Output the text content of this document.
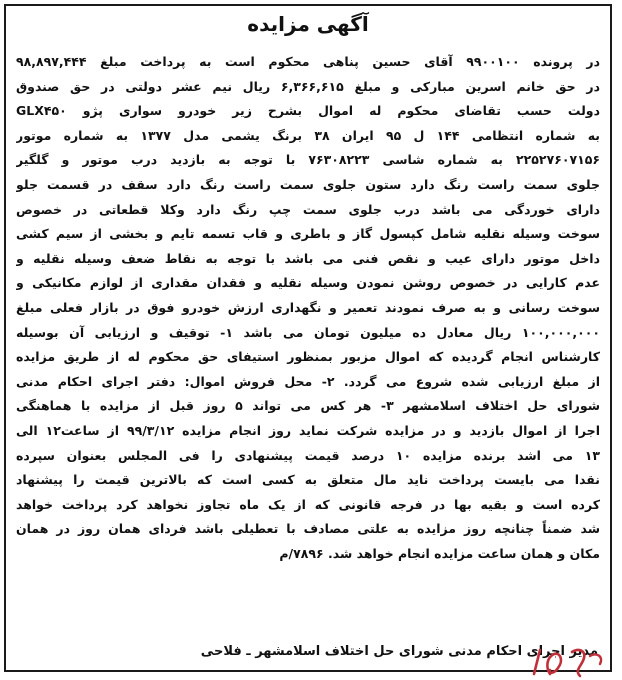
آگهی مزایده
در پرونده ۹۹۰۰۱۰۰ آقای حسین پناهی محکوم است به پرداخت مبلغ ۹۸,۸۹۷,۴۴۴
در حق خانم اسرین مبارکی و مبلغ ۶,۳۶۶,۶۱۵ ریال نیم عشر دولتی در حق صندوق
دولت حسب تقاضای محکوم له اموال بشرح زیر خودرو سواری پژو GLX۴۵۰
به شماره انتظامی ۱۴۴ ل ۹۵ ایران ۳۸ برنگ یشمی مدل ۱۳۷۷ به شماره موتور
۲۲۵۲۷۶۰۷۱۵۶ به شماره شاسی ۷۶۳۰۸۲۲۳ با توجه به بازدید درب موتور و گلگیر
جلوی سمت راست رنگ دارد ستون جلوی سمت راست رنگ دارد سقف در قسمت جلو
دارای خوردگی می باشد درب جلوی سمت چپ رنگ دارد وکلا قطعاتی در خصوص
سوخت وسیله نقلیه شامل کپسول گاز و باطری و قاب تسمه تایم و بخشی از سیم کشی
داخل موتور دارای عیب و نقص فنی می باشد با توجه به نقاط ضعف وسیله نقلیه و
عدم کارایی در خصوص روشن نمودن وسیله نقلیه و فقدان مقداری از لوازم مکانیکی و
سوخت رسانی و به صرف نمودند تعمیر و نگهداری ارزش خودرو فوق در بازار فعلی مبلغ
۱۰۰,۰۰۰,۰۰۰ ریال معادل ده میلیون تومان می باشد ۱- توقیف و ارزیابی آن بوسیله
کارشناس انجام گردیده که اموال مزبور بمنظور استیفای حق محکوم له از طریق مزایده
از مبلغ ارزیابی شده شروع می گردد. ۲- محل فروش اموال: دفتر اجرای احکام مدنی
شورای حل اختلاف اسلامشهر ۳- هر کس می تواند ۵ روز قبل از مزایده با هماهنگی
اجرا از اموال بازدید و در مزایده شرکت نماید روز انجام مزایده ۹۹/۳/۱۲ از ساعت۱۲ الی
۱۳ می اشد برنده مزایده ۱۰ درصد قیمت پیشنهادی را فی المجلس بعنوان سپرده
نقدا می بایست پرداخت ناید مال متعلق به کسی است که بالاترین قیمت را پیشنهاد
کرده است و بقیه بها در فرجه قانونی که از یک ماه تجاوز نخواهد کرد پرداخت خواهد
شد ضمناً چنانچه روز مزایده به علتی مصادف با تعطیلی باشد فردای همان روز در همان
مکان و همان ساعت مزایده انجام خواهد شد. ۷۸۹۶/م
مدیر اجرای احکام مدنی شورای حل اختلاف اسلامشهر ـ فلاحی
